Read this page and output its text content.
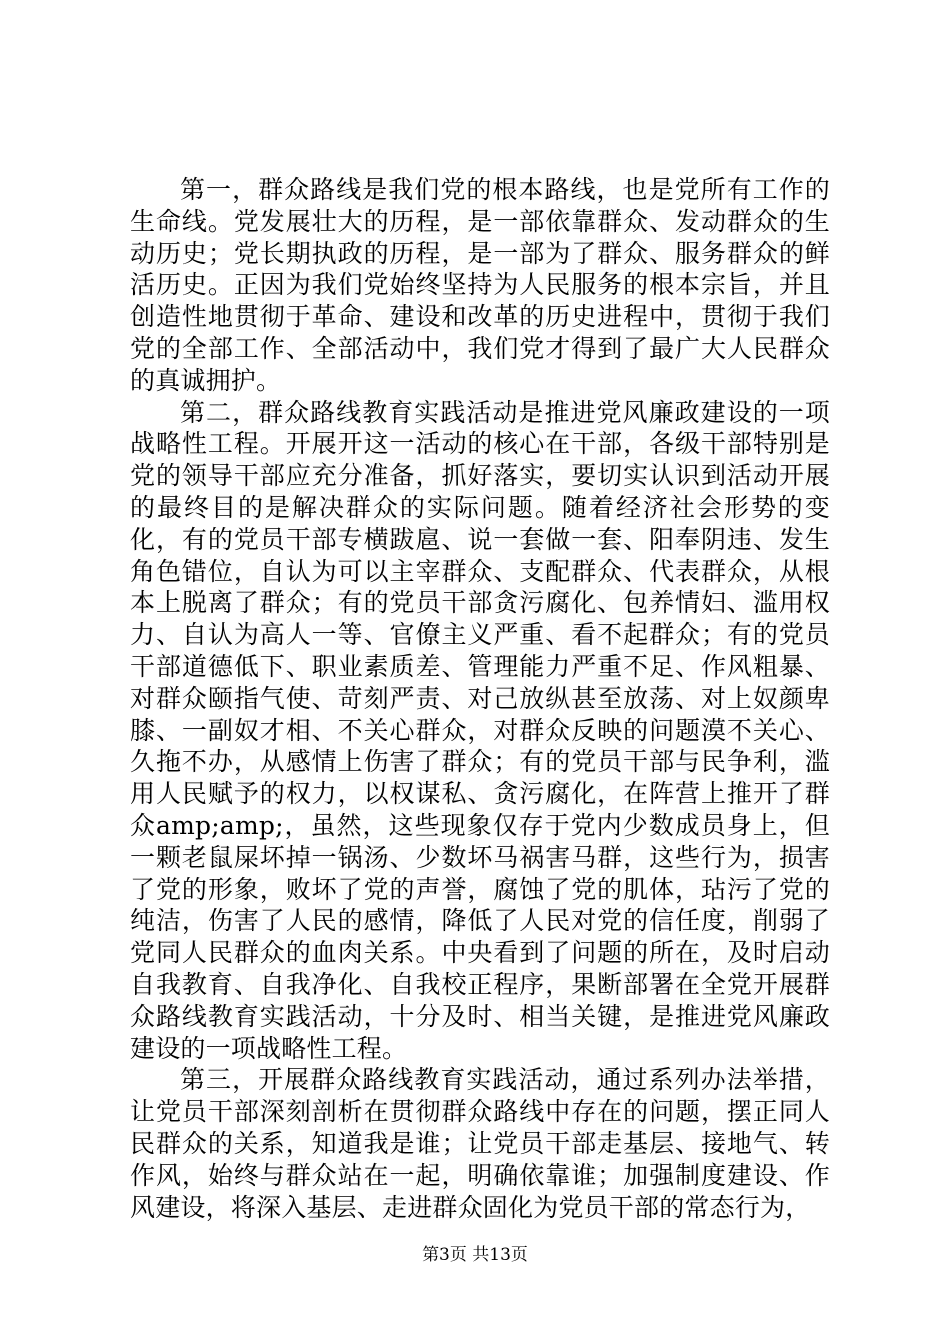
第一，群众路线是我们党的根本路线，也是党所有工作的生命线。党发展壮大的历程，是一部依靠群众、发动群众的生动历史；党长期执政的历程，是一部为了群众、服务群众的鲜活历史。正因为我们党始终坚持为人民服务的根本宗旨，并且创造性地贯彻于革命、建设和改革的历史进程中，贯彻于我们党的全部工作、全部活动中，我们党才得到了最广大人民群众的真诚拥护。

第二，群众路线教育实践活动是推进党风廉政建设的一项战略性工程。开展开这一活动的核心在干部，各级干部特别是党的领导干部应充分准备，抓好落实，要切实认识到活动开展的最终目的是解决群众的实际问题。随着经济社会形势的变化，有的党员干部专横跋扈、说一套做一套、阳奉阴违、发生角色错位，自认为可以主宰群众、支配群众、代表群众，从根本上脱离了群众；有的党员干部贪污腐化、包养情妇、滥用权力、自认为高人一等、官僚主义严重、看不起群众；有的党员干部道德低下、职业素质差、管理能力严重不足、作风粗暴、对群众颐指气使、苛刻严责、对己放纵甚至放荡、对上奴颜卑膝、一副奴才相、不关心群众，对群众反映的问题漠不关心、久拖不办，从感情上伤害了群众；有的党员干部与民争利，滥用人民赋予的权力，以权谋私、贪污腐化，在阵营上推开了群众amp;amp;，虽然，这些现象仅存于党内少数成员身上，但一颗老鼠屎坏掉一锅汤、少数坏马祸害马群，这些行为，损害了党的形象，败坏了党的声誉，腐蚀了党的肌体，玷污了党的纯洁，伤害了人民的感情，降低了人民对党的信任度，削弱了党同人民群众的血肉关系。中央看到了问题的所在，及时启动自我教育、自我净化、自我校正程序，果断部署在全党开展群众路线教育实践活动，十分及时、相当关键，是推进党风廉政建设的一项战略性工程。

第三，开展群众路线教育实践活动，通过系列办法举措，让党员干部深刻剖析在贯彻群众路线中存在的问题，摆正同人民群众的关系，知道我是谁；让党员干部走基层、接地气、转作风，始终与群众站在一起，明确依靠谁；加强制度建设、作风建设，将深入基层、走进群众固化为党员干部的常态行为，

第3页 共13页
